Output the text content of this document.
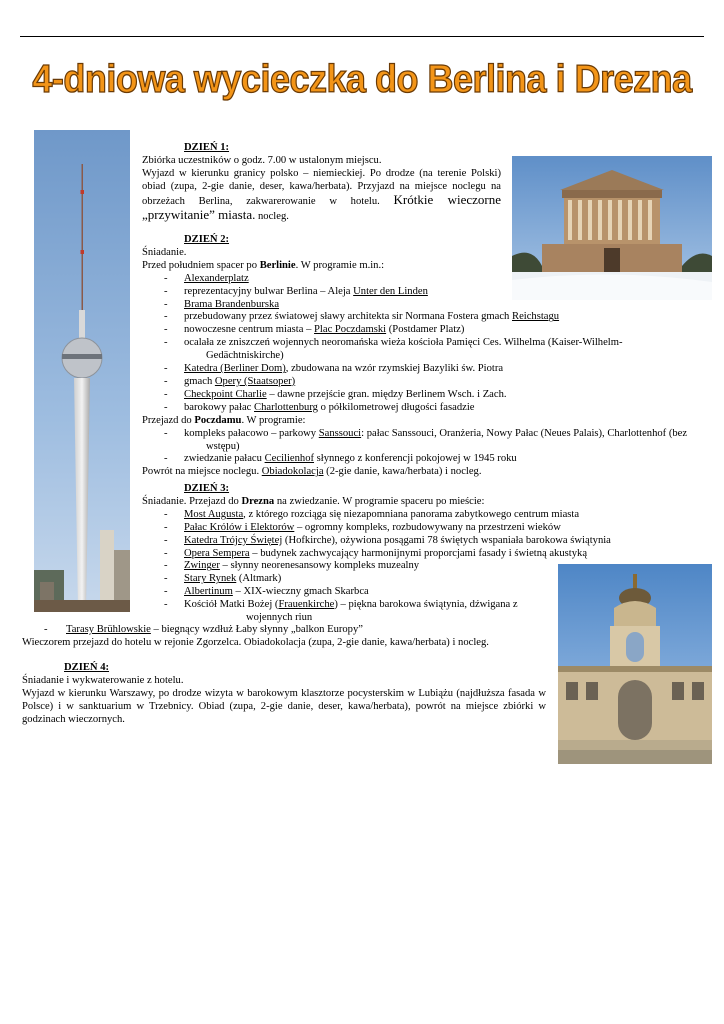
4-dniowa wycieczka do Berlina i Drezna

DZIEŃ 1:

Zbiórka uczestników o godz. 7.00 w ustalonym miejscu.

Wyjazd w kierunku granicy polsko – niemieckiej. Po drodze (na terenie Polski) obiad (zupa, 2-gie danie, deser, kawa/herbata). Przyjazd na miejsce noclegu na obrzeżach Berlina, zakwarerowanie w hotelu. Krótkie wieczorne „przywitanie” miasta. nocleg.

DZIEŃ 2:

Śniadanie.

Przed południem spacer po Berlinie. W programie m.in.:

- Alexanderplatz
- reprezentacyjny bulwar Berlina – Aleja Unter den Linden
- Brama Brandenburska
- przebudowany przez światowej sławy architekta sir Normana Fostera gmach Reichstagu
- nowoczesne centrum miasta – Plac Poczdamski (Postdamer Platz)
- ocalała ze zniszczeń wojennych neoromańska wieża kościoła Pamięci Ces. Wilhelma (Kaiser-Wilhelm-
Gedächtniskirche)
- Katedra (Berliner Dom), zbudowana na wzór rzymskiej Bazyliki św. Piotra
- gmach Opery (Staatsoper)
- Checkpoint Charlie – dawne przejście gran. między Berlinem Wsch. i Zach.
- barokowy pałac Charlottenburg o półkilometrowej długości fasadzie

Przejazd do Poczdamu. W programie:

- kompleks pałacowo – parkowy Sanssouci: pałac Sanssouci, Oranżeria, Nowy Pałac (Neues Palais), Charlottenhof (bez
wstępu)
- zwiedzanie pałacu Cecilienhof słynnego z konferencji pokojowej w 1945 roku

Powrót na miejsce noclegu. Obiadokolacja (2-gie danie, kawa/herbata) i nocleg.

DZIEŃ 3:

Śniadanie. Przejazd do Drezna na zwiedzanie. W programie spaceru po mieście:

- Most Augusta, z którego rozciąga się niezapomniana panorama zabytkowego centrum miasta
- Pałac Królów i Elektorów – ogromny kompleks, rozbudowywany na przestrzeni wieków
- Katedra Trójcy Świętej (Hofkirche), ożywiona posągami 78 świętych wspaniała barokowa świątynia
- Opera Sempera – budynek zachwycający harmonijnymi proporcjami fasady i świetną akustyką
- Zwinger – słynny neorenesansowy kompleks muzealny
- Stary Rynek (Altmark)
- Albertinum – XIX-wieczny gmach Skarbca
- Kościół Matki Bożej (Frauenkirche) – piękna barokowa świątynia, dźwigana z
wojennych riun
- Tarasy Brühlowskie – biegnący wzdłuż Łaby słynny „balkon Europy”

Wieczorem przejazd do hotelu w rejonie Zgorzelca. Obiadokolacja (zupa, 2-gie danie, kawa/herbata) i nocleg.

DZIEŃ 4:

Śniadanie i wykwaterowanie z hotelu.

Wyjazd w kierunku Warszawy, po drodze wizyta w barokowym klasztorze pocysterskim w Lubiążu (najdłuższa fasada w Polsce) i w sanktuarium w Trzebnicy. Obiad (zupa, 2-gie danie, deser, kawa/herbata), powrót na miejsce zbiórki w godzinach wieczornych.
